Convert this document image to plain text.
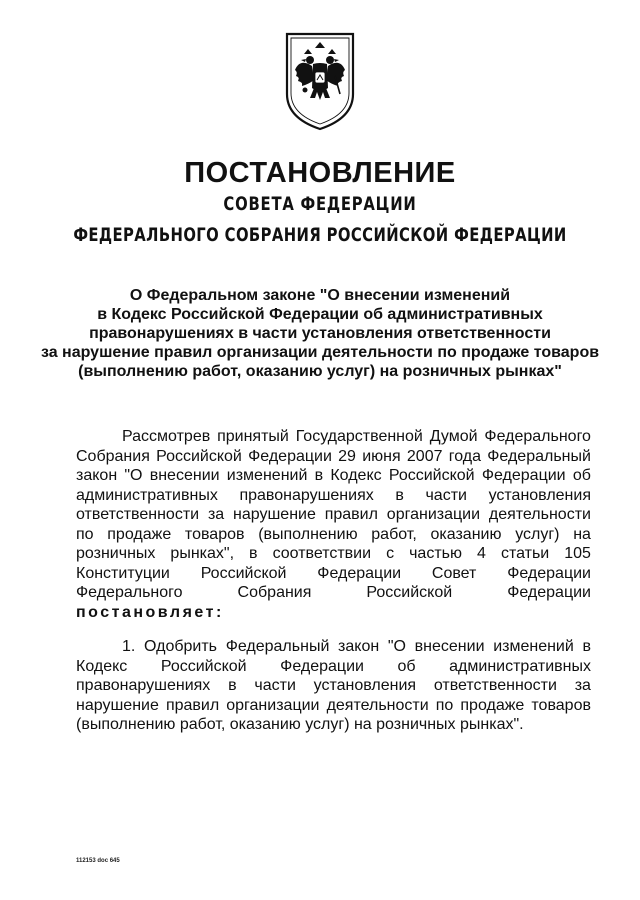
ПОСТАНОВЛЕНИЕ
СОВЕТА ФЕДЕРАЦИИ
ФЕДЕРАЛЬНОГО СОБРАНИЯ РОССИЙСКОЙ ФЕДЕРАЦИИ
О Федеральном законе "О внесении изменений
в Кодекс Российской Федерации об административных
правонарушениях в части установления ответственности
за нарушение правил организации деятельности по продаже товаров
(выполнению работ, оказанию услуг) на розничных рынках"
Рассмотрев принятый Государственной Думой Федерального
Собрания Российской Федерации 29 июня 2007 года Федеральный
закон "О внесении изменений в Кодекс Российской Федерации об
административных правонарушениях в части установления
ответственности за нарушение правил организации деятельности
по продаже товаров (выполнению работ, оказанию услуг) на
розничных рынках", в соответствии с частью 4 статьи 105
Конституции Российской Федерации Совет Федерации
Федерального	Собрания	Российской	Федерации
постановляет:
1. Одобрить Федеральный закон "О внесении изменений в
Кодекс Российской Федерации об административных
правонарушениях в части установления ответственности за
нарушение правил организации деятельности по продаже товаров
(выполнению работ, оказанию услуг) на розничных рынках".
112153 doc 645
